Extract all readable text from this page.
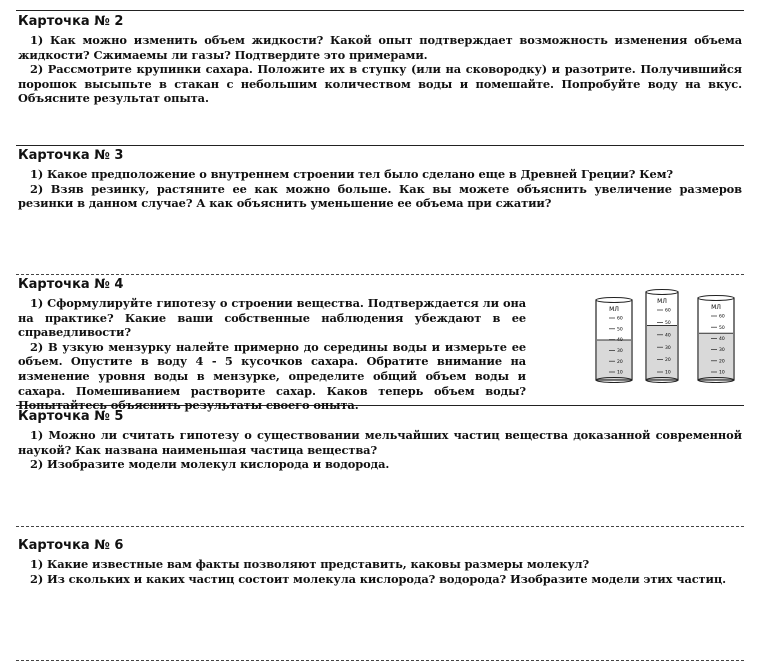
Карточка № 2

1) Как можно изменить объем жидкости? Какой опыт подтверждает возможность изменения объема жидкости? Сжимаемы ли газы? Подтвердите это примерами.

2) Рассмотрите крупинки сахара. Положите их в ступку (или на сковородку) и разотрите. Получившийся порошок высыпьте в стакан с небольшим количеством воды и помешайте. Попробуйте воду на вкус. Объясните результат опыта.

Карточка № 3

1) Какое предположение о внутреннем строении тел было сделано еще в Древней Греции? Кем?

2) Взяв резинку, растяните ее как можно больше. Как вы можете объяснить увеличение размеров резинки в данном случае? А как объяснить уменьшение ее объема при сжатии?

Карточка № 4

1) Сформулируйте гипотезу о строении вещества. Подтверждается ли она на практике? Какие ваши собственные наблюдения убеждают в ее справедливости?

2) В узкую мензурку налейте примерно до середины воды и измерьте ее объем. Опустите в воду 4 - 5 кусочков сахара. Обратите внимание на изменение уровня воды в мензурке, определите общий объем воды и сахара. Помешиванием растворите сахар. Каков теперь объем воды? Попытайтесь объяснить результаты своего опыта.

МЛ
60
50
40
30
20
10
МЛ
60
50
40
30
20
10
МЛ
60
50
40
30
20
10
Карточка № 5

1) Можно ли считать гипотезу о существовании мельчайших частиц вещества доказанной современной наукой? Как названа наименьшая частица вещества?

2) Изобразите модели молекул кислорода и водорода.

Карточка № 6

1) Какие известные вам факты позволяют представить, каковы размеры молекул?

2) Из скольких и каких частиц состоит молекула кислорода? водорода? Изобразите модели этих частиц.
